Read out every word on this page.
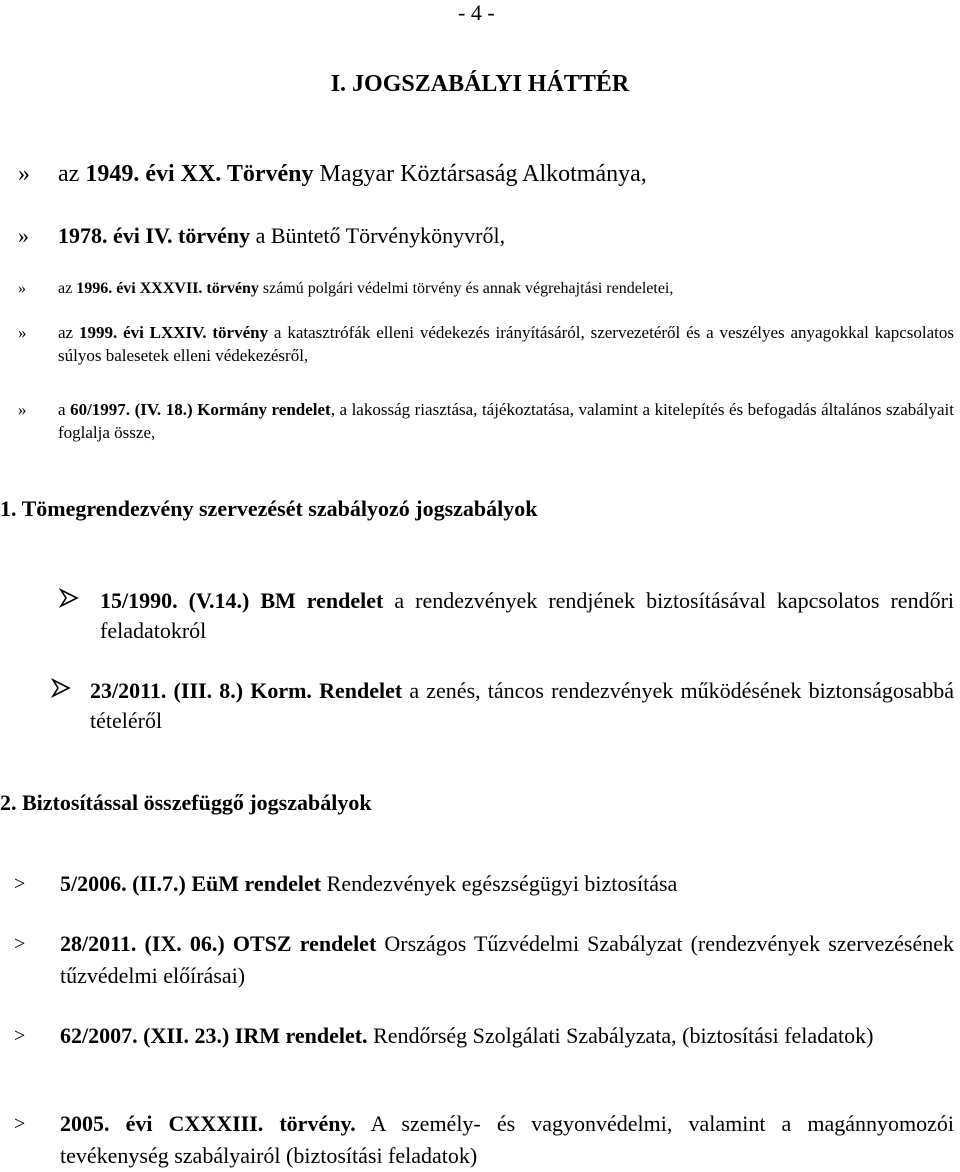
- 4 -
I. JOGSZABÁLYI HÁTTÉR
» az 1949. évi XX. Törvény Magyar Köztársaság Alkotmánya,
» 1978. évi IV. törvény a Büntető Törvénykönyvről,
» az 1996. évi XXXVII. törvény számú polgári védelmi törvény és annak végrehajtási rendeletei,
» az 1999. évi LXXIV. törvény a katasztrófák elleni védekezés irányításáról, szervezetéről és a veszélyes anyagokkal kapcsolatos súlyos balesetek elleni védekezésről,
» a 60/1997. (IV. 18.) Kormány rendelet, a lakosság riasztása, tájékoztatása, valamint a kitelepítés és befogadás általános szabályait foglalja össze,
1. Tömegrendezvény szervezését szabályozó jogszabályok
15/1990. (V.14.) BM rendelet a rendezvények rendjének biztosításával kapcsolatos rendőri feladatokról
23/2011. (III. 8.) Korm. Rendelet a zenés, táncos rendezvények működésének biztonságosabbá tételéről
2. Biztosítással összefüggő jogszabályok
> 5/2006. (II.7.) EüM rendelet Rendezvények egészségügyi biztosítása
> 28/2011. (IX. 06.) OTSZ rendelet Országos Tűzvédelmi Szabályzat (rendezvények szervezésének tűzvédelmi előírásai)
> 62/2007. (XII. 23.) IRM rendelet. Rendőrség Szolgálati Szabályzata, (biztosítási feladatok)
> 2005. évi CXXXIII. törvény. A személy- és vagyonvédelmi, valamint a magánnyomozói tevékenység szabályairól (biztosítási feladatok)
